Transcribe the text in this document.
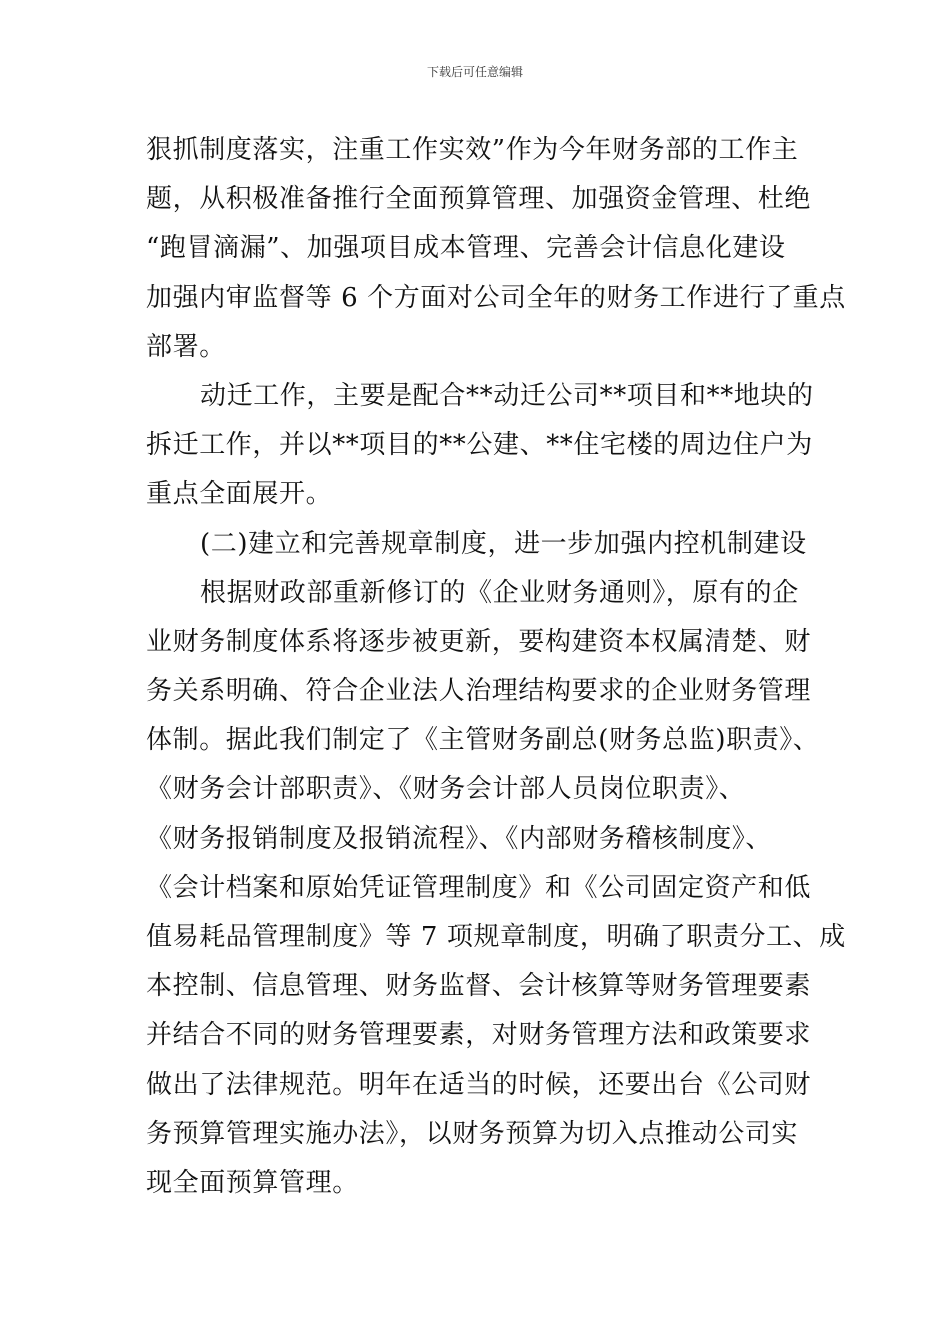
下载后可任意编辑
狠抓制度落实，注重工作实效”作为今年财务部的工作主
题，从积极准备推行全面预算管理、加强资金管理、杜绝
“跑冒滴漏”、加强项目成本管理、完善会计信息化建设
加强内审监督等 6 个方面对公司全年的财务工作进行了重点
部署。
动迁工作，主要是配合**动迁公司**项目和**地块的
拆迁工作，并以**项目的**公建、**住宅楼的周边住户为
重点全面展开。
(二)建立和完善规章制度，进一步加强内控机制建设
根据财政部重新修订的《企业财务通则》，原有的企
业财务制度体系将逐步被更新，要构建资本权属清楚、财
务关系明确、符合企业法人治理结构要求的企业财务管理
体制。据此我们制定了《主管财务副总(财务总监)职责》、
《财务会计部职责》、《财务会计部人员岗位职责》、
《财务报销制度及报销流程》、《内部财务稽核制度》、
《会计档案和原始凭证管理制度》和《公司固定资产和低
值易耗品管理制度》等 7 项规章制度，明确了职责分工、成
本控制、信息管理、财务监督、会计核算等财务管理要素
并结合不同的财务管理要素，对财务管理方法和政策要求
做出了法律规范。明年在适当的时候，还要出台《公司财
务预算管理实施办法》，以财务预算为切入点推动公司实
现全面预算管理。
